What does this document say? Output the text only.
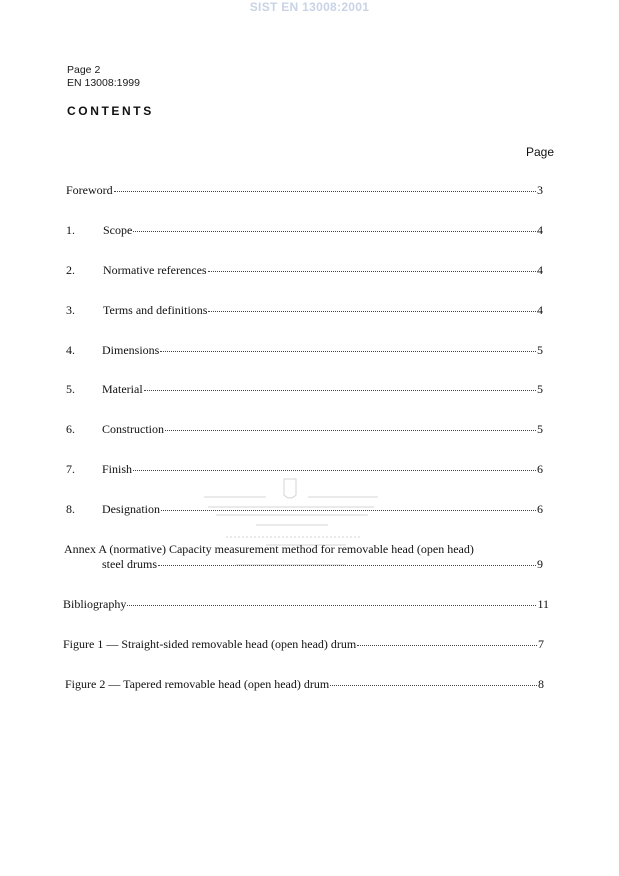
SIST EN 13008:2001
Page 2
EN 13008:1999
CONTENTS
Page
Foreword	3
1.	Scope	4
2.	Normative references	4
3.	Terms and definitions	4
4.	Dimensions	5
5.	Material	5
6.	Construction	5
7.	Finish	6
8.	Designation	6
Annex A (normative) Capacity measurement method for removable head (open head)
steel drums	9
Bibliography	11
Figure 1 — Straight-sided removable head (open head) drum	7
Figure 2 — Tapered removable head (open head) drum	8
